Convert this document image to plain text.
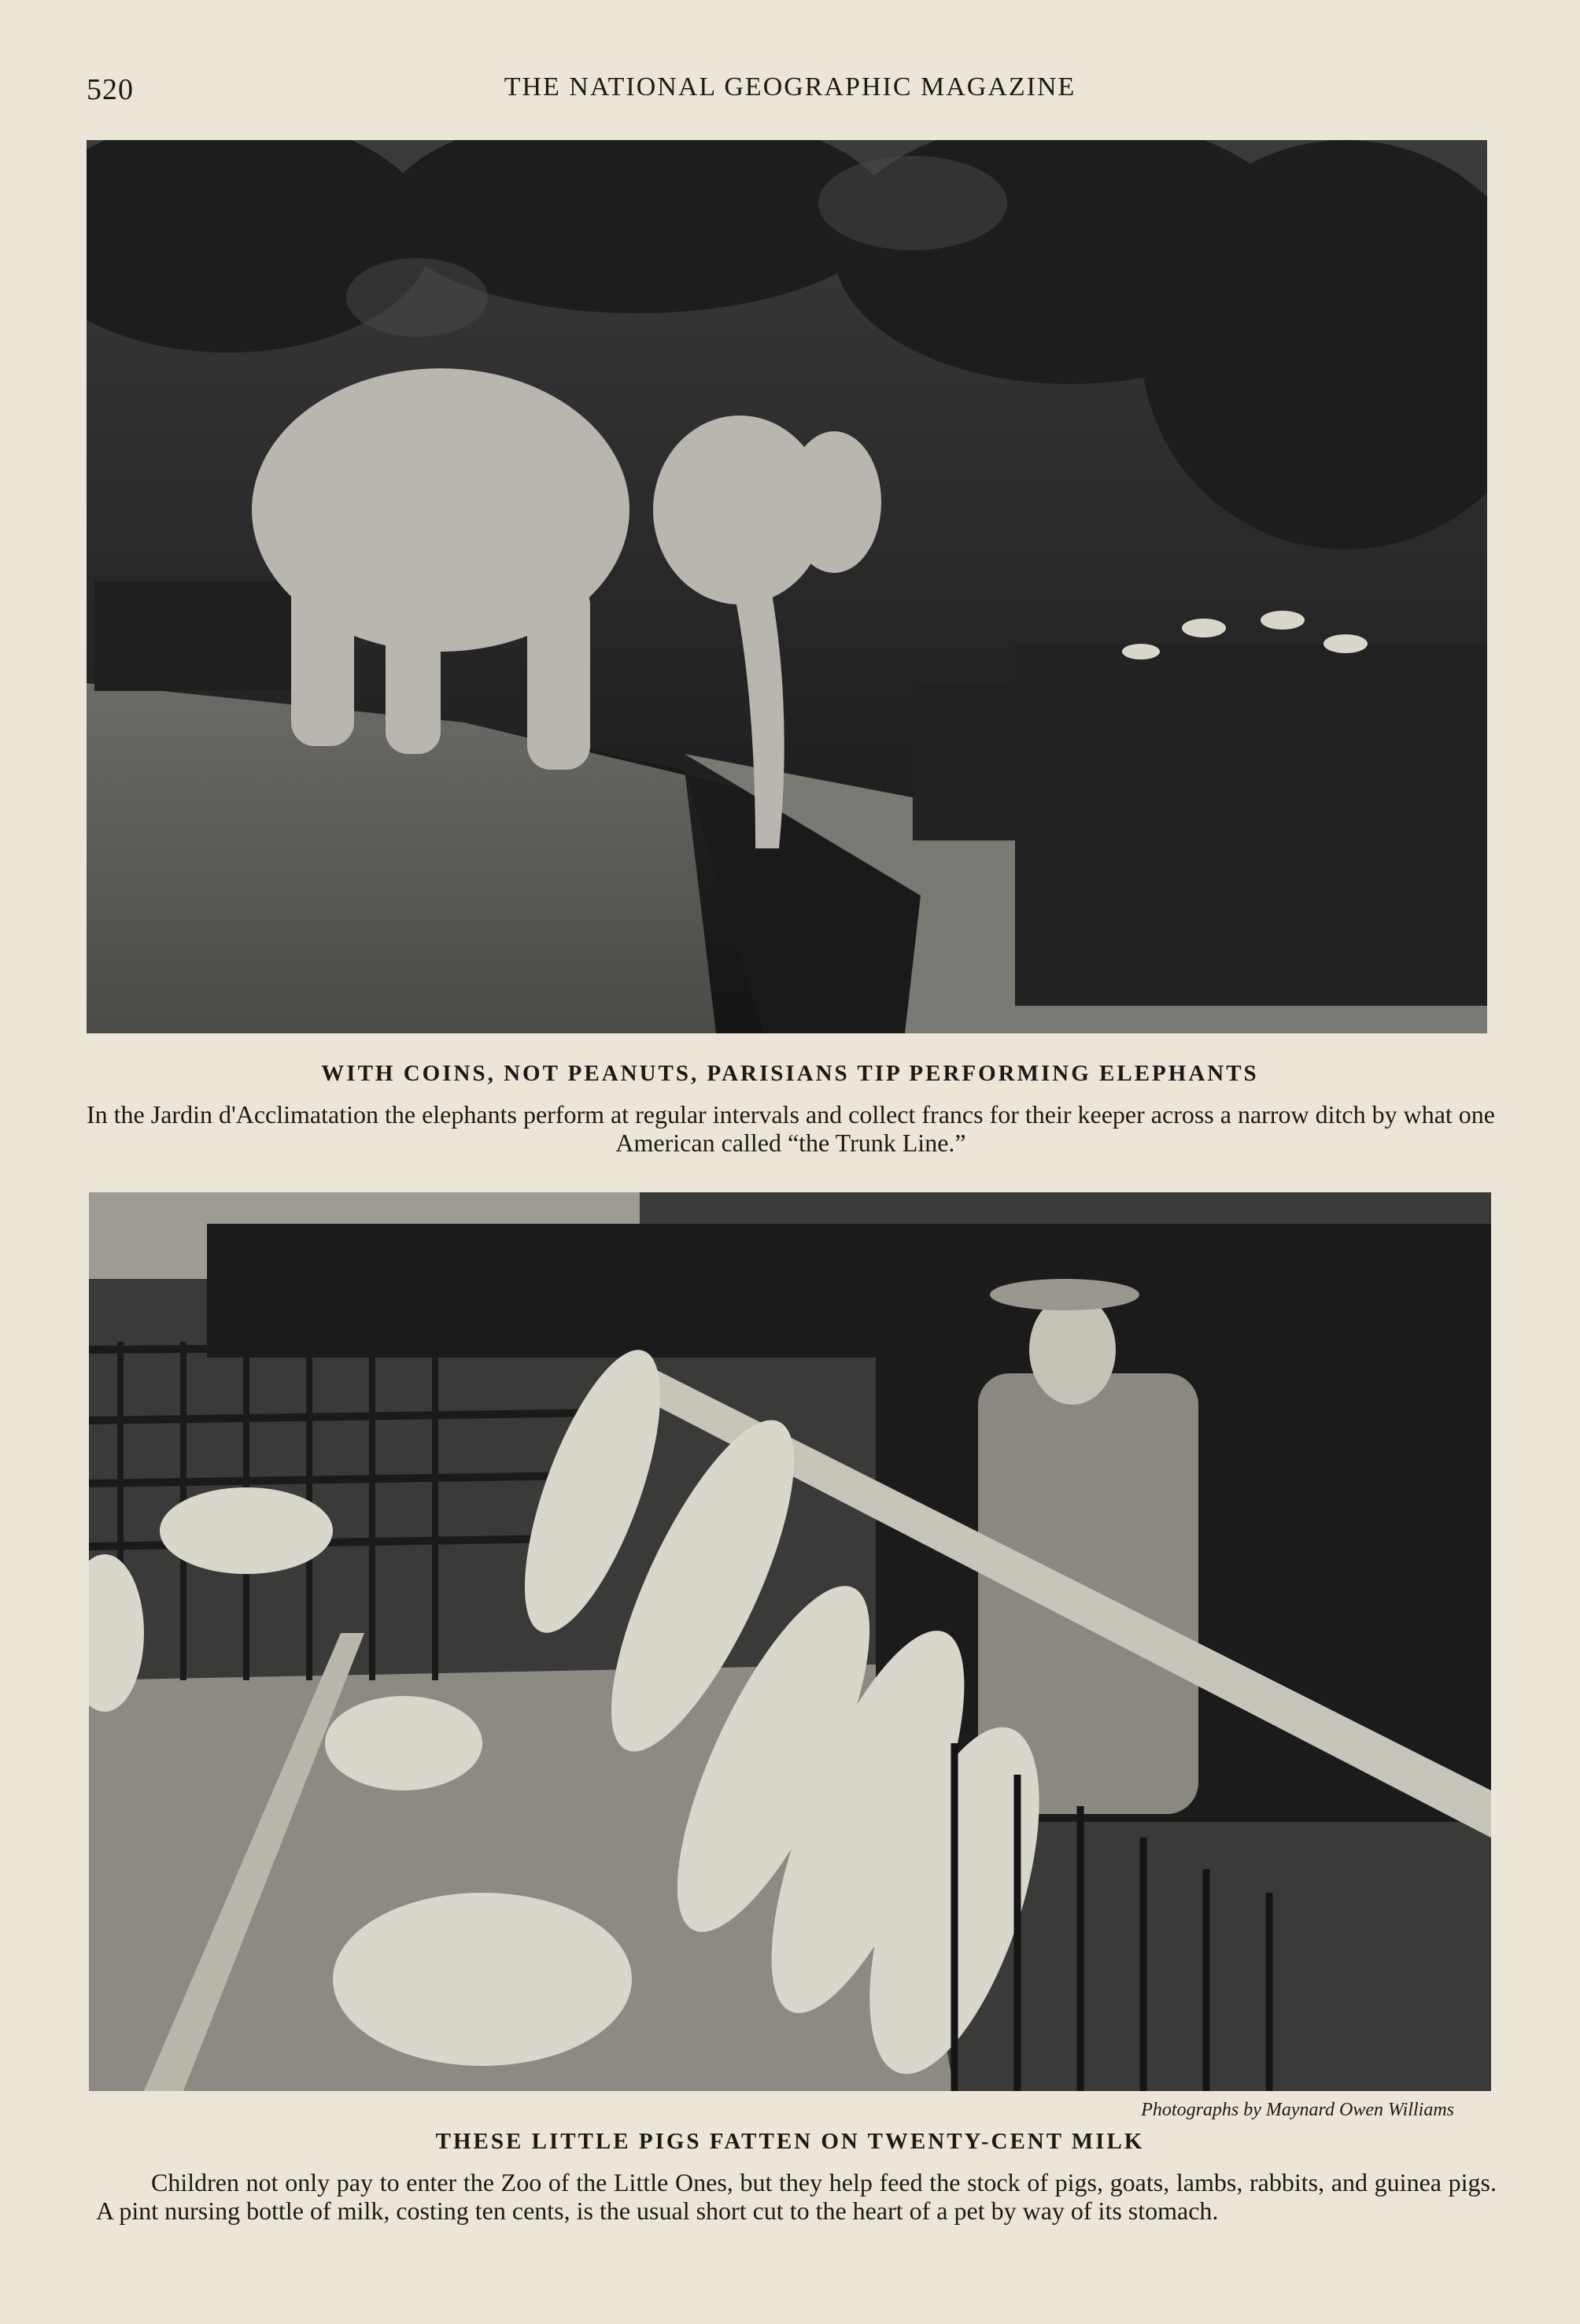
520	THE NATIONAL GEOGRAPHIC MAGAZINE
WITH COINS, NOT PEANUTS, PARISIANS TIP PERFORMING ELEPHANTS
In the Jardin d'Acclimatation the elephants perform at regular intervals and collect francs for their keeper across a narrow ditch by what one American called “the Trunk Line.”
Photographs by Maynard Owen Williams
THESE LITTLE PIGS FATTEN ON TWENTY-CENT MILK
Children not only pay to enter the Zoo of the Little Ones, but they help feed the stock of pigs, goats, lambs, rabbits, and guinea pigs. A pint nursing bottle of milk, costing ten cents, is the usual short cut to the heart of a pet by way of its stomach.
